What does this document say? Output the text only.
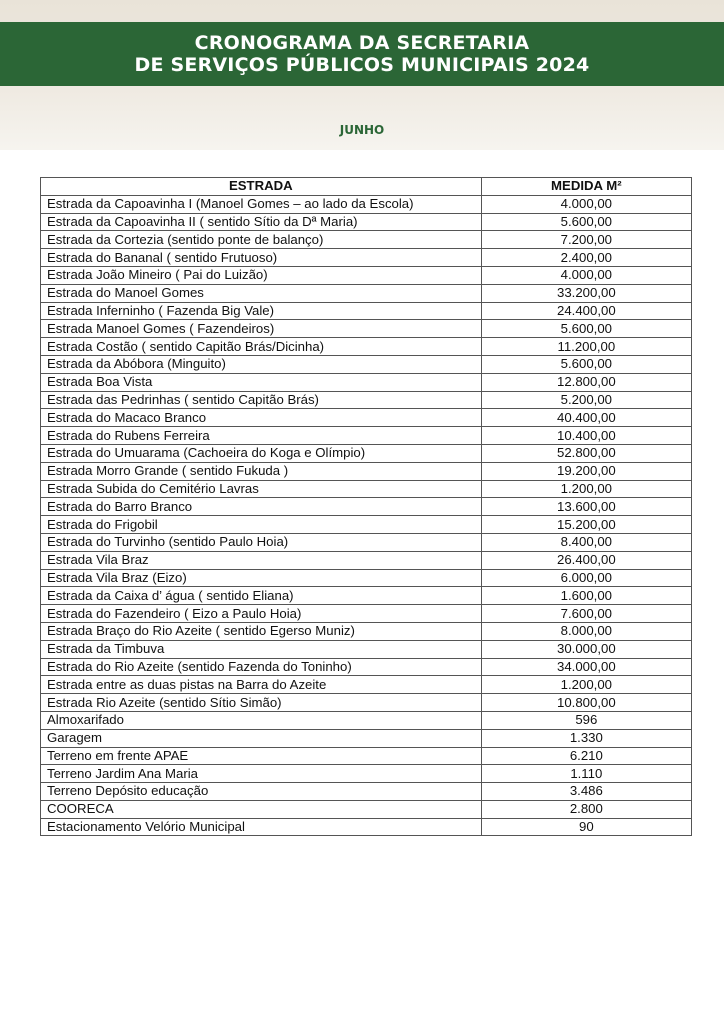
CRONOGRAMA DA SECRETARIA
DE SERVIÇOS PÚBLICOS MUNICIPAIS 2024
JUNHO
ESTRADA	MEDIDA M²
Estrada da Capoavinha I (Manoel Gomes – ao lado da Escola)	4.000,00
Estrada da Capoavinha II ( sentido Sítio da Dª Maria)	5.600,00
Estrada da Cortezia (sentido ponte de balanço)	7.200,00
Estrada do Bananal ( sentido Frutuoso)	2.400,00
Estrada João Mineiro ( Pai do Luizão)	4.000,00
Estrada do Manoel Gomes	33.200,00
Estrada Inferninho ( Fazenda Big Vale)	24.400,00
Estrada Manoel Gomes ( Fazendeiros)	5.600,00
Estrada Costão ( sentido Capitão Brás/Dicinha)	11.200,00
Estrada da Abóbora (Minguito)	5.600,00
Estrada Boa Vista	12.800,00
Estrada das Pedrinhas ( sentido Capitão Brás)	5.200,00
Estrada do Macaco Branco	40.400,00
Estrada do Rubens Ferreira	10.400,00
Estrada do Umuarama (Cachoeira do Koga e Olímpio)	52.800,00
Estrada Morro Grande ( sentido Fukuda )	19.200,00
Estrada Subida do Cemitério Lavras	1.200,00
Estrada do Barro Branco	13.600,00
Estrada do Frigobil	15.200,00
Estrada do Turvinho (sentido Paulo Hoia)	8.400,00
Estrada Vila Braz	26.400,00
Estrada Vila Braz (Eizo)	6.000,00
Estrada da Caixa d’ água ( sentido Eliana)	1.600,00
Estrada do Fazendeiro ( Eizo a Paulo Hoia)	7.600,00
Estrada Braço do Rio Azeite ( sentido Egerso Muniz)	8.000,00
Estrada da Timbuva	30.000,00
Estrada do Rio Azeite (sentido Fazenda do Toninho)	34.000,00
Estrada entre as duas pistas na Barra do Azeite	1.200,00
Estrada Rio Azeite (sentido Sítio Simão)	10.800,00
Almoxarifado	596
Garagem	1.330
Terreno em frente APAE	6.210
Terreno Jardim Ana Maria	1.110
Terreno Depósito educação	3.486
COORECA	2.800
Estacionamento Velório Municipal	90
